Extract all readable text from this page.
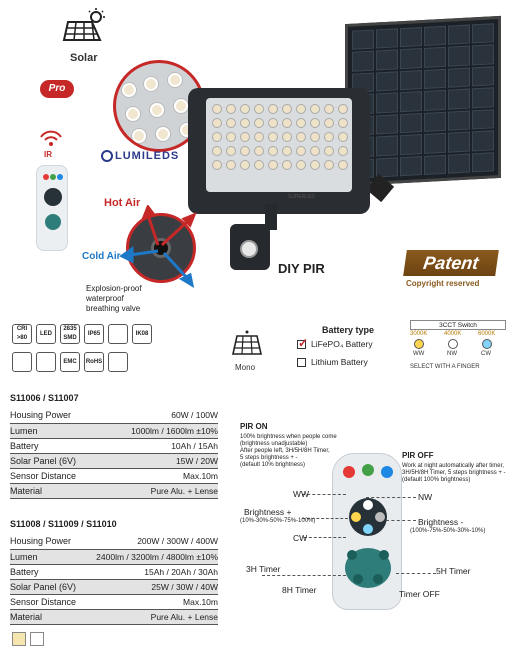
Solar
Pro
IR	LUMILEDS
SUPERLED
Hot Air
Cold Air
Explosion-proof
waterproof
breathing valve
DIY PIR	Patent
Copyright reserved
CRI
>80
LED
2835
SMD
IP65	IK08
EMC RoHS
Mono
Battery type
✓ LiFePO₄ Battery
Lithium Battery
3CCT Switch
3000K	4000K	6000K
WW	NW	CW
SELECT WITH A FINGER
S11006 / S11007
Housing Power	60W / 100W
Lumen	1000lm / 1600lm ±10%
Battery	10Ah / 15Ah
Solar Panel (6V)	15W / 20W
Sensor Distance	Max.10m
Material	Pure Alu. + Lense
S11008 / S11009 / S11010
Housing Power	200W / 300W / 400W
Lumen	2400lm / 3200lm / 4800lm ±10%
Battery	15Ah / 20Ah / 30Ah
Solar Panel (6V)	25W / 30W / 40W
Sensor Distance	Max.10m
Material	Pure Alu. + Lense
PIR ON
100% brightness when people come
(brightness unadjustable)
After people left, 3H/5H/8H Timer,
5 steps brightness + -
(default 10% brightness)
PIR OFF
Work at night automatically after timer,
3H/5H/8H Timer, 5 steps brightness + -
(default 100% brightness)
WW	NW
Brightness +
(10%-30%-50%-75%-100%)	Brightness -
(100%-75%-50%-30%-10%)
CW
3H Timer	5H Timer
8H Timer	Timer OFF
